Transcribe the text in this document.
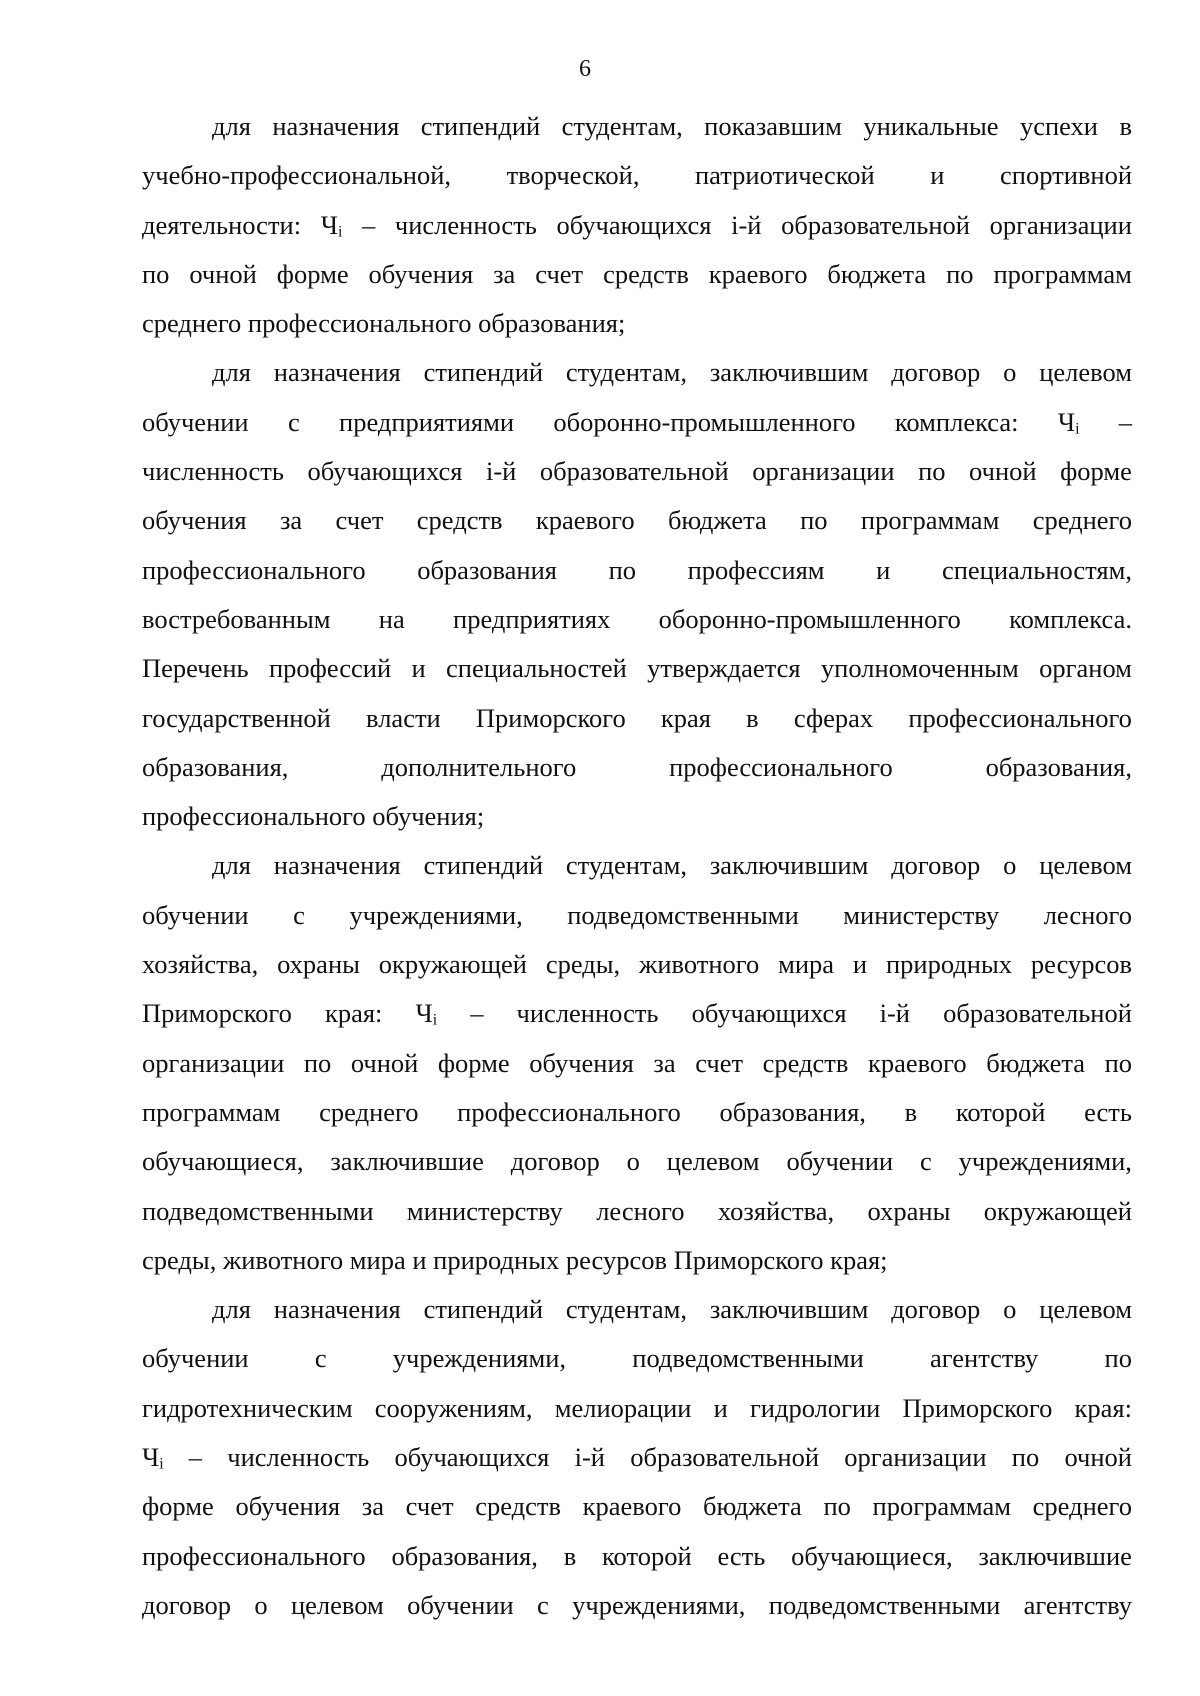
6
для назначения стипендий студентам, показавшим уникальные успехи в
учебно-профессиональной, творческой, патриотической и спортивной
деятельности: Чᵢ – численность обучающихся i-й образовательной организации
по очной форме обучения за счет средств краевого бюджета по программам
среднего профессионального образования;
для назначения стипендий студентам, заключившим договор о целевом
обучении с предприятиями оборонно-промышленного комплекса: Чᵢ –
численность обучающихся i-й образовательной организации по очной форме
обучения за счет средств краевого бюджета по программам среднего
профессионального образования по профессиям и специальностям,
востребованным на предприятиях оборонно-промышленного комплекса.
Перечень профессий и специальностей утверждается уполномоченным органом
государственной власти Приморского края в сферах профессионального
образования,	дополнительного	профессионального	образования,
профессионального обучения;
для назначения стипендий студентам, заключившим договор о целевом
обучении с учреждениями, подведомственными министерству лесного
хозяйства, охраны окружающей среды, животного мира и природных ресурсов
Приморского края: Чᵢ – численность обучающихся i-й образовательной
организации по очной форме обучения за счет средств краевого бюджета по
программам среднего профессионального образования, в которой есть
обучающиеся, заключившие договор о целевом обучении с учреждениями,
подведомственными министерству лесного хозяйства, охраны окружающей
среды, животного мира и природных ресурсов Приморского края;
для назначения стипендий студентам, заключившим договор о целевом
обучении с учреждениями, подведомственными агентству по
гидротехническим сооружениям, мелиорации и гидрологии Приморского края:
Чᵢ – численность обучающихся i-й образовательной организации по очной
форме обучения за счет средств краевого бюджета по программам среднего
профессионального образования, в которой есть обучающиеся, заключившие
договор о целевом обучении с учреждениями, подведомственными агентству
